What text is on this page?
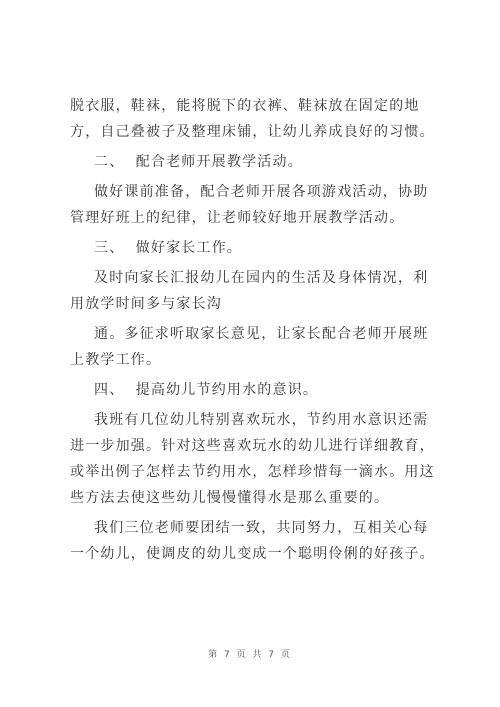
脱衣服，鞋袜，能将脱下的衣裤、鞋袜放在固定的地方，自己叠被子及整理床铺，让幼儿养成良好的习惯。

二、  配合老师开展教学活动。

做好课前准备，配合老师开展各项游戏活动，协助管理好班上的纪律，让老师较好地开展教学活动。

三、  做好家长工作。

及时向家长汇报幼儿在园内的生活及身体情况，利用放学时间多与家长沟

通。多征求听取家长意见，让家长配合老师开展班上教学工作。

四、  提高幼儿节约用水的意识。

我班有几位幼儿特别喜欢玩水，节约用水意识还需进一步加强。针对这些喜欢玩水的幼儿进行详细教育，或举出例子怎样去节约用水，怎样珍惜每一滴水。用这些方法去使这些幼儿慢慢懂得水是那么重要的。

我们三位老师要团结一致，共同努力，互相关心每一个幼儿，使调皮的幼儿变成一个聪明伶俐的好孩子。

第 7 页 共 7 页
